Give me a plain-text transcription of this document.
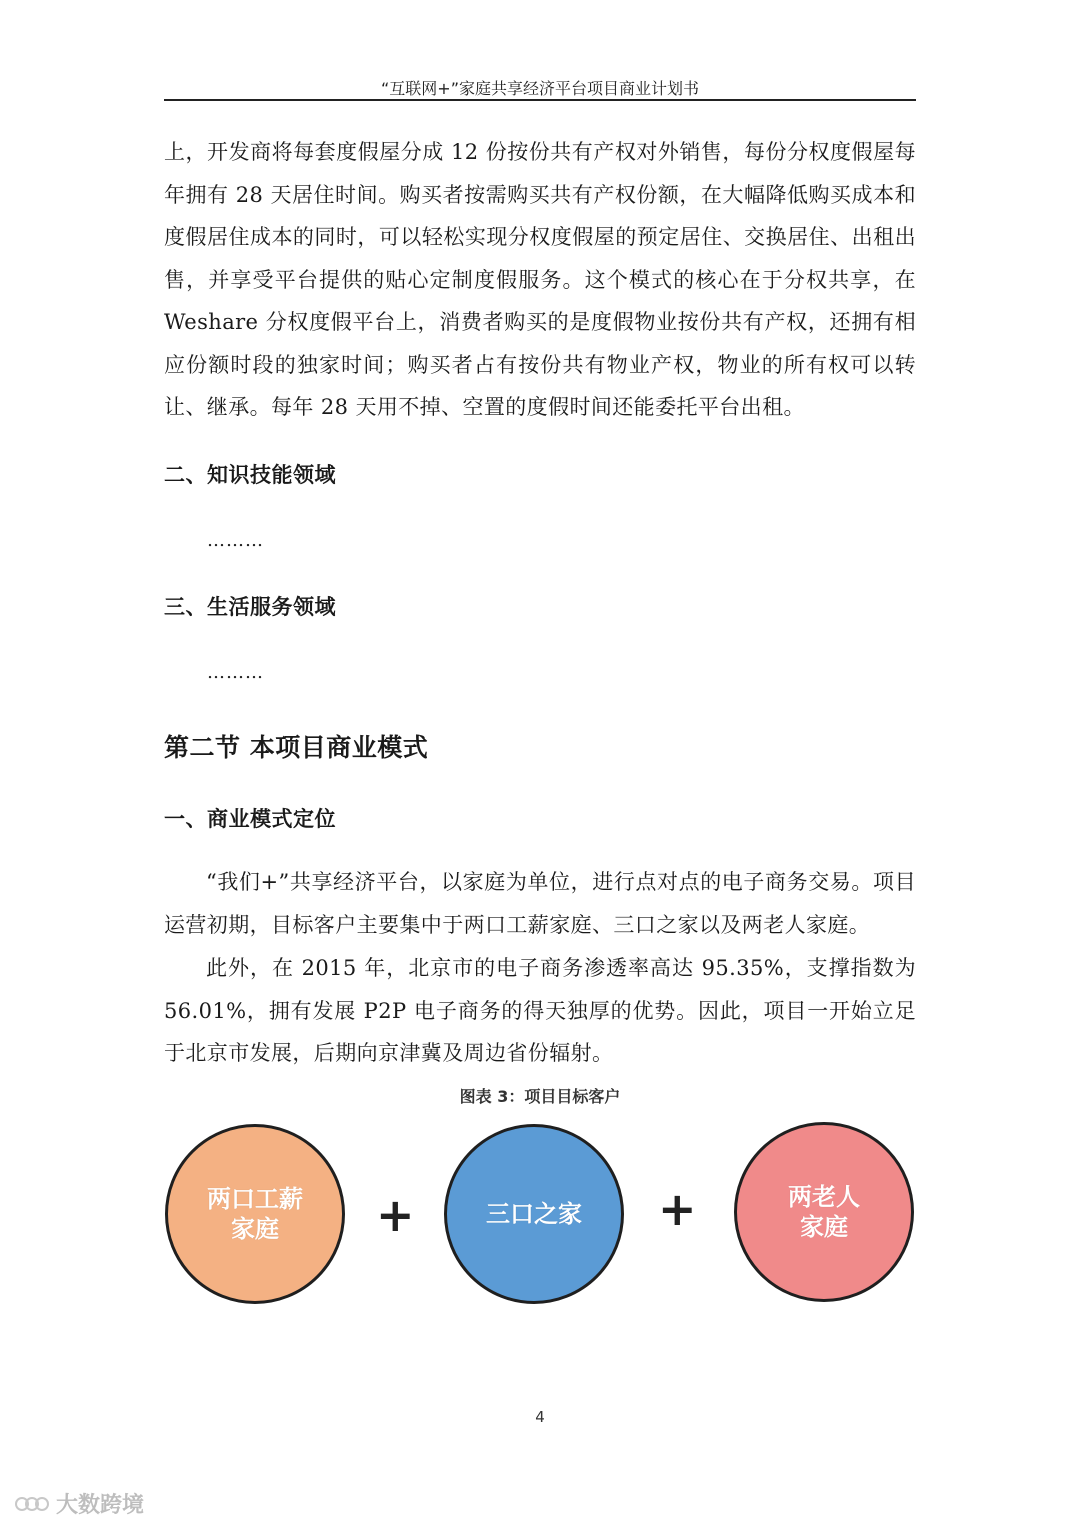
“互联网+”家庭共享经济平台项目商业计划书

上，开发商将每套度假屋分成 12 份按份共有产权对外销售，每份分权度假屋每年拥有 28 天居住时间。购买者按需购买共有产权份额，在大幅降低购买成本和度假居住成本的同时，可以轻松实现分权度假屋的预定居住、交换居住、出租出售，并享受平台提供的贴心定制度假服务。这个模式的核心在于分权共享，在 Weshare 分权度假平台上，消费者购买的是度假物业按份共有产权，还拥有相应份额时段的独家时间；购买者占有按份共有物业产权，物业的所有权可以转让、继承。每年 28 天用不掉、空置的度假时间还能委托平台出租。

二、知识技能领域
………
三、生活服务领域
………
第二节 本项目商业模式
一、商业模式定位

“我们+”共享经济平台，以家庭为单位，进行点对点的电子商务交易。项目运营初期，目标客户主要集中于两口工薪家庭、三口之家以及两老人家庭。

此外，在 2015 年，北京市的电子商务渗透率高达 95.35%，支撑指数为 56.01%，拥有发展 P2P 电子商务的得天独厚的优势。因此，项目一开始立足于北京市发展，后期向京津冀及周边省份辐射。

图表 3：项目目标客户
两口工薪
家庭	+	三口之家 +	两老人
家庭
4
大数跨境
